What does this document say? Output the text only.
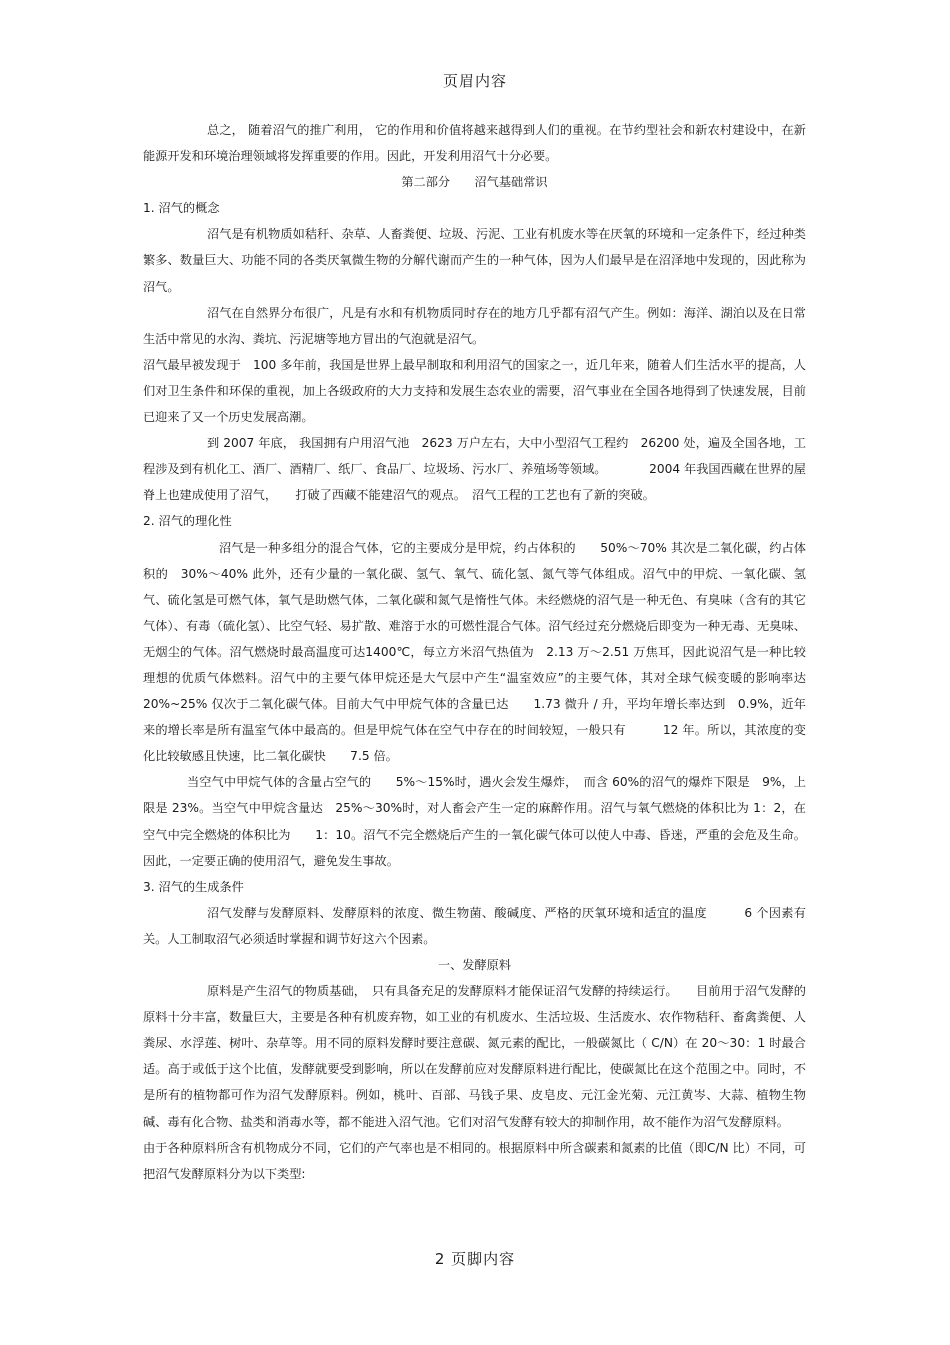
页眉内容

总之， 随着沼气的推广利用， 它的作用和价值将越来越得到人们的重视。在节约型社会和新农村建设中，在新能源开发和环境治理领域将发挥重要的作用。因此，开发利用沼气十分必要。

第二部分　　沼气基础常识

1. 沼气的概念

沼气是有机物质如秸秆、杂草、人畜粪便、垃圾、污泥、工业有机废水等在厌氧的环境和一定条件下，经过种类繁多、数量巨大、功能不同的各类厌氧微生物的分解代谢而产生的一种气体，因为人们最早是在沼泽地中发现的，因此称为沼气。

沼气在自然界分布很广，凡是有水和有机物质同时存在的地方几乎都有沼气产生。例如：海洋、湖泊以及在日常生活中常见的水沟、粪坑、污泥塘等地方冒出的气泡就是沼气。

沼气最早被发现于　100 多年前，我国是世界上最早制取和利用沼气的国家之一，近几年来，随着人们生活水平的提高，人们对卫生条件和环保的重视，加上各级政府的大力支持和发展生态农业的需要，沼气事业在全国各地得到了快速发展，目前已迎来了又一个历史发展高潮。

到 2007 年底， 我国拥有户用沼气池　2623 万户左右，大中小型沼气工程约　26200 处，遍及全国各地，工程涉及到有机化工、酒厂、酒精厂、纸厂、食品厂、垃圾场、污水厂、养殖场等领域。　　　　2004 年我国西藏在世界的屋脊上也建成使用了沼气，　　打破了西藏不能建沼气的观点。　沼气工程的工艺也有了新的突破。

2. 沼气的理化性

沼气是一种多组分的混合气体，它的主要成分是甲烷，约占体积的　　50%～70% 其次是二氧化碳，约占体积的　30%～40% 此外，还有少量的一氧化碳、氢气、氧气、硫化氢、氮气等气体组成。沼气中的甲烷、一氧化碳、氢气、硫化氢是可燃气体，氧气是助燃气体，二氧化碳和氮气是惰性气体。未经燃烧的沼气是一种无色、有臭味（含有的其它气体）、有毒（硫化氢）、比空气轻、易扩散、难溶于水的可燃性混合气体。沼气经过充分燃烧后即变为一种无毒、无臭味、无烟尘的气体。沼气燃烧时最高温度可达1400℃，每立方米沼气热值为　2.13 万～2.51 万焦耳，因此说沼气是一种比较理想的优质气体燃料。沼气中的主要气体甲烷还是大气层中产生“温室效应”的主要气体，其对全球气候变暖的影响率达　　20%~25% 仅次于二氧化碳气体。目前大气中甲烷气体的含量已达　　1.73 微升 / 升，平均年增长率达到　0.9%，近年来的增长率是所有温室气体中最高的。但是甲烷气体在空气中存在的时间较短，一般只有　　　12 年。所以，其浓度的变化比较敏感且快速，比二氧化碳快　　7.5 倍。

当空气中甲烷气体的含量占空气的　　5%～15%时，遇火会发生爆炸，　而含 60%的沼气的爆炸下限是　9%，上限是 23%。当空气中甲烷含量达　25%～30%时，对人畜会产生一定的麻醉作用。沼气与氧气燃烧的体积比为 1：2，在空气中完全燃烧的体积比为　　1：10。沼气不完全燃烧后产生的一氧化碳气体可以使人中毒、昏迷，严重的会危及生命。因此，一定要正确的使用沼气，避免发生事故。

3. 沼气的生成条件

沼气发酵与发酵原料、发酵原料的浓度、微生物菌、酸碱度、严格的厌氧环境和适宜的温度　　　6 个因素有关。人工制取沼气必须适时掌握和调节好这六个因素。

一、发酵原料

原料是产生沼气的物质基础，　只有具备充足的发酵原料才能保证沼气发酵的持续运行。　　目前用于沼气发酵的原料十分丰富，数量巨大，主要是各种有机废弃物，如工业的有机废水、生活垃圾、生活废水、农作物秸秆、畜禽粪便、人粪尿、水浮莲、树叶、杂草等。用不同的原料发酵时要注意碳、氮元素的配比，一般碳氮比（ C/N）在 20～30：1 时最合适。高于或低于这个比值，发酵就要受到影响，所以在发酵前应对发酵原料进行配比，使碳氮比在这个范围之中。同时，不是所有的植物都可作为沼气发酵原料。例如，桃叶、百部、马钱子果、皮皂皮、元江金光菊、元江黄岑、大蒜、植物生物碱、毒有化合物、盐类和消毒水等，都不能进入沼气池。它们对沼气发酵有较大的抑制作用，故不能作为沼气发酵原料。

由于各种原料所含有机物成分不同，它们的产气率也是不相同的。根据原料中所含碳素和氮素的比值（即C/N 比）不同，可把沼气发酵原料分为以下类型:

2 页脚内容
